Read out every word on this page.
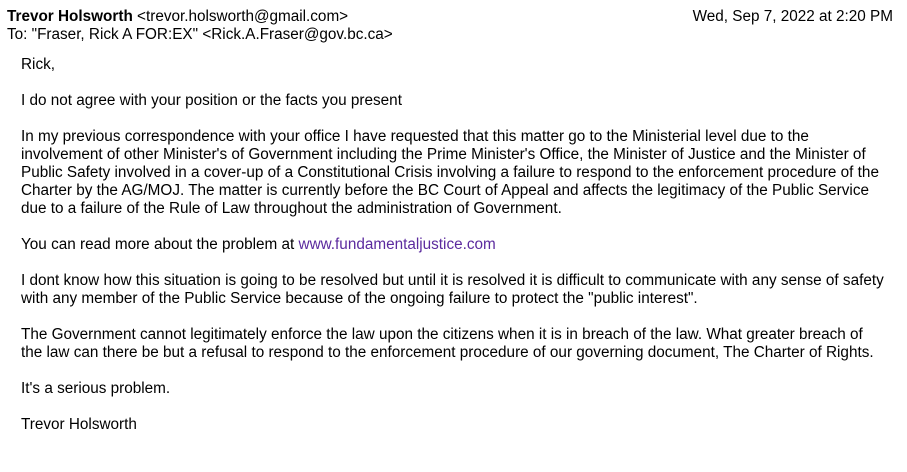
Trevor Holsworth <trevor.holsworth@gmail.com>	Wed, Sep 7, 2022 at 2:20 PM
To: "Fraser, Rick A FOR:EX" <Rick.A.Fraser@gov.bc.ca>

Rick,

I do not agree with your position or the facts you present

In my previous correspondence with your office I have requested that this matter go to the Ministerial level due to the involvement of other Minister's of Government including the Prime Minister's Office, the Minister of Justice and the Minister of Public Safety involved in a cover-up of a Constitutional Crisis involving a failure to respond to the enforcement procedure of the Charter by the AG/MOJ. The matter is currently before the BC Court of Appeal and affects the legitimacy of the Public Service due to a failure of the Rule of Law throughout the administration of Government.

You can read more about the problem at www.fundamentaljustice.com

I dont know how this situation is going to be resolved but until it is resolved it is difficult to communicate with any sense of safety with any member of the Public Service because of the ongoing failure to protect the "public interest".

The Government cannot legitimately enforce the law upon the citizens when it is in breach of the law. What greater breach of the law can there be but a refusal to respond to the enforcement procedure of our governing document, The Charter of Rights.

It's a serious problem.

Trevor Holsworth
